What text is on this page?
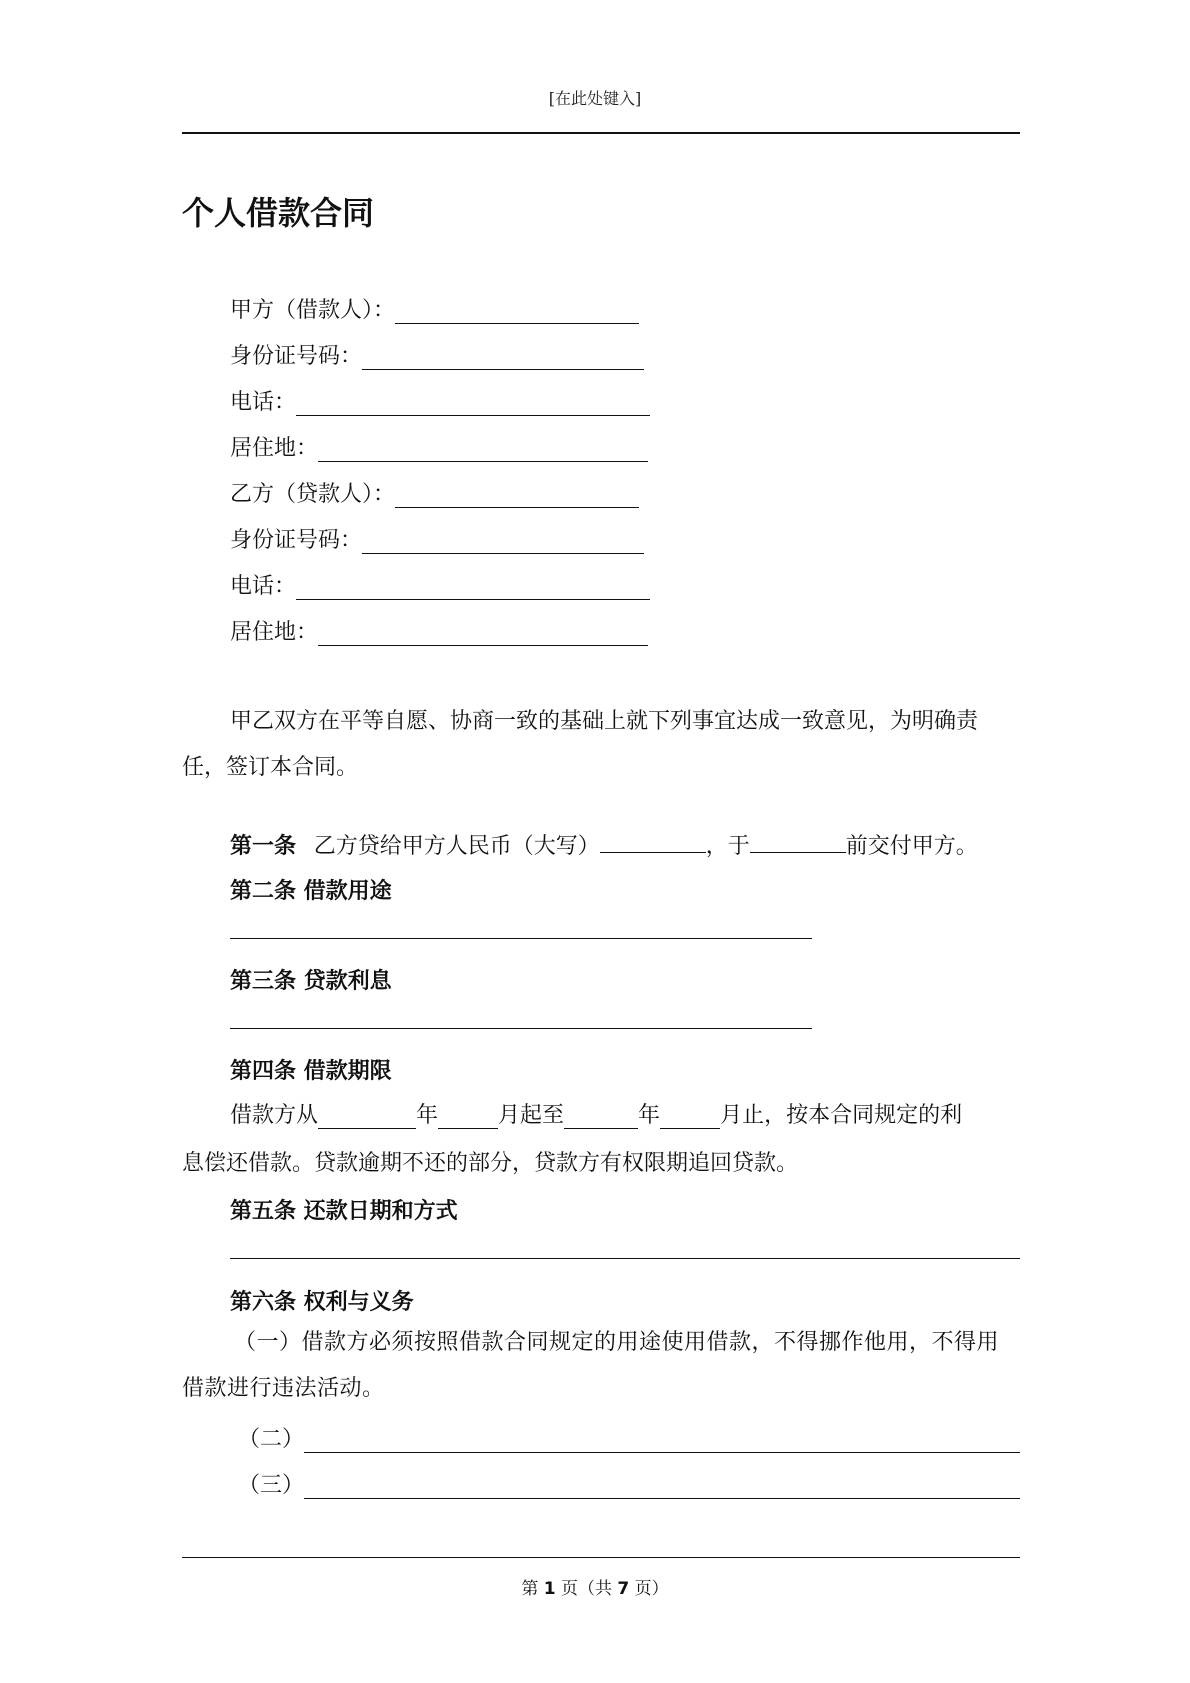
[在此处键入]
个人借款合同
甲方（借款人）：
身份证号码：
电话：
居住地：
乙方（贷款人）：
身份证号码：
电话：
居住地：
甲乙双方在平等自愿、协商一致的基础上就下列事宜达成一致意见，为明确责任，签订本合同。
第一条 乙方贷给甲方人民币（大写）	，于	前交付甲方。
第二条 借款用途
第三条 贷款利息
第四条 借款期限
借款方从	年	月起至	年	月止，按本合同规定的利
息偿还借款。贷款逾期不还的部分，贷款方有权限期追回贷款。
第五条 还款日期和方式
第六条 权利与义务
（一）借款方必须按照借款合同规定的用途使用借款，不得挪作他用，不得用借款进行违法活动。
（二）
（三）
第 1 页（共 7 页）
